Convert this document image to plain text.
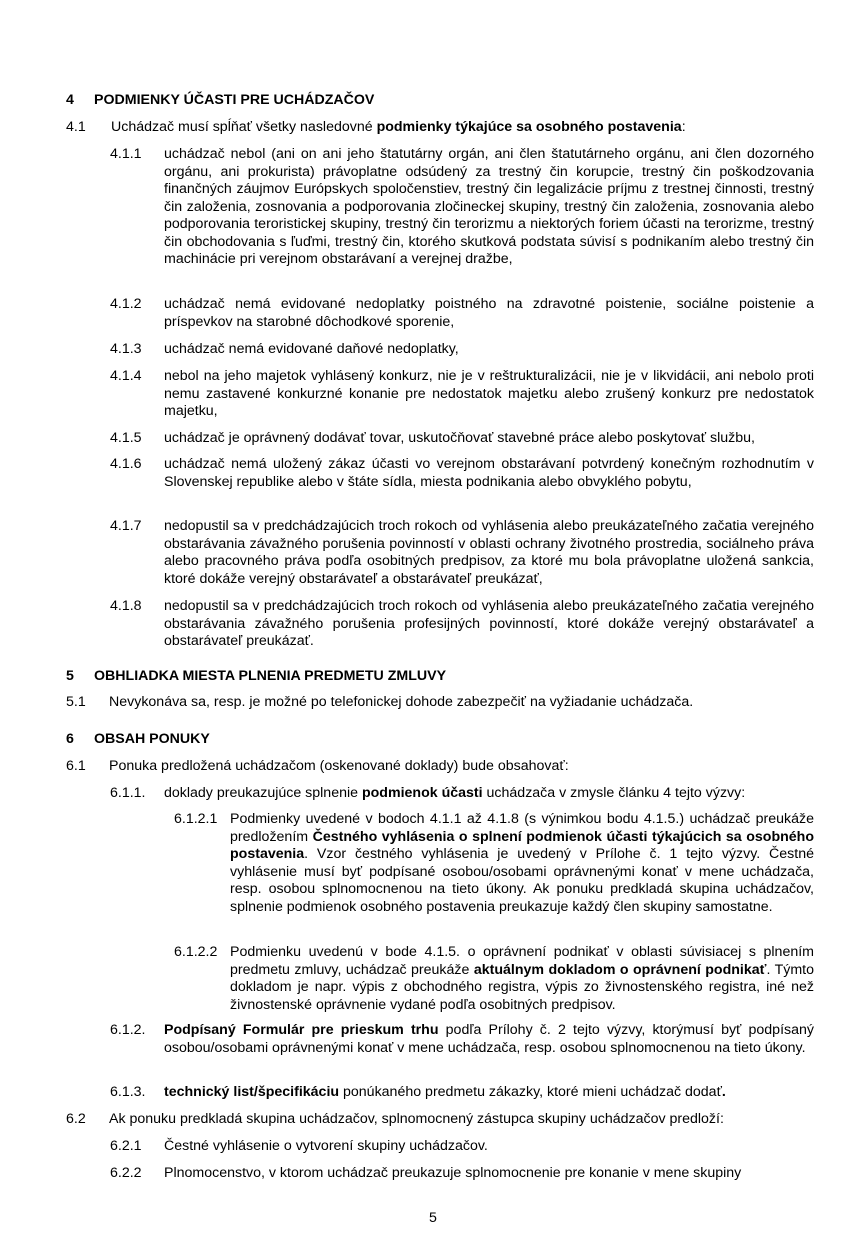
4 PODMIENKY ÚČASTI PRE UCHÁDZAČOV
4.1 Uchádzač musí spĺňať všetky nasledovné podmienky týkajúce sa osobného postavenia:
4.1.1 uchádzač nebol (ani on ani jeho štatutárny orgán, ani člen štatutárneho orgánu, ani člen dozorného orgánu, ani prokurista) právoplatne odsúdený za trestný čin korupcie, trestný čin poškodzovania finančných záujmov Európskych spoločenstiev, trestný čin legalizácie príjmu z trestnej činnosti, trestný čin založenia, zosnovania a podporovania zločineckej skupiny, trestný čin založenia, zosnovania alebo podporovania teroristickej skupiny, trestný čin terorizmu a niektorých foriem účasti na terorizme, trestný čin obchodovania s ľuďmi, trestný čin, ktorého skutková podstata súvisí s podnikaním alebo trestný čin machinácie pri verejnom obstarávaní a verejnej dražbe,
4.1.2 uchádzač nemá evidované nedoplatky poistného na zdravotné poistenie, sociálne poistenie a príspevkov na starobné dôchodkové sporenie,
4.1.3 uchádzač nemá evidované daňové nedoplatky,
4.1.4 nebol na jeho majetok vyhlásený konkurz, nie je v reštrukturalizácii, nie je v likvidácii, ani nebolo proti nemu zastavené konkurzné konanie pre nedostatok majetku alebo zrušený konkurz pre nedostatok majetku,
4.1.5 uchádzač je oprávnený dodávať tovar, uskutočňovať stavebné práce alebo poskytovať službu,
4.1.6 uchádzač nemá uložený zákaz účasti vo verejnom obstarávaní potvrdený konečným rozhodnutím v Slovenskej republike alebo v štáte sídla, miesta podnikania alebo obvyklého pobytu,
4.1.7 nedopustil sa v predchádzajúcich troch rokoch od vyhlásenia alebo preukázateľného začatia verejného obstarávania závažného porušenia povinností v oblasti ochrany životného prostredia, sociálneho práva alebo pracovného práva podľa osobitných predpisov, za ktoré mu bola právoplatne uložená sankcia, ktoré dokáže verejný obstarávateľ a obstarávateľ preukázať,
4.1.8 nedopustil sa v predchádzajúcich troch rokoch od vyhlásenia alebo preukázateľného začatia verejného obstarávania závažného porušenia profesijných povinností, ktoré dokáže verejný obstarávateľ a obstarávateľ preukázať.
5 OBHLIADKA MIESTA PLNENIA PREDMETU ZMLUVY
5.1 Nevykonáva sa, resp. je možné po telefonickej dohode zabezpečiť na vyžiadanie uchádzača.
6 OBSAH PONUKY
6.1 Ponuka predložená uchádzačom (oskenované doklady) bude obsahovať:
6.1.1. doklady preukazujúce splnenie podmienok účasti uchádzača v zmysle článku 4 tejto výzvy:
6.1.2.1 Podmienky uvedené v bodoch 4.1.1 až 4.1.8 (s výnimkou bodu 4.1.5.) uchádzač preukáže predložením Čestného vyhlásenia o splnení podmienok účasti týkajúcich sa osobného postavenia. Vzor čestného vyhlásenia je uvedený v Prílohe č. 1 tejto výzvy. Čestné vyhlásenie musí byť podpísané osobou/osobami oprávnenými konať v mene uchádzača, resp. osobou splnomocnenou na tieto úkony. Ak ponuku predkladá skupina uchádzačov, splnenie podmienok osobného postavenia preukazuje každý člen skupiny samostatne.
6.1.2.2 Podmienku uvedenú v bode 4.1.5. o oprávnení podnikať v oblasti súvisiacej s plnením predmetu zmluvy, uchádzač preukáže aktuálnym dokladom o oprávnení podnikať. Týmto dokladom je napr. výpis z obchodného registra, výpis zo živnostenského registra, iné než živnostenské oprávnenie vydané podľa osobitných predpisov.
6.1.2. Podpísaný Formulár pre prieskum trhu podľa Prílohy č. 2 tejto výzvy, ktorýmusí byť podpísaný osobou/osobami oprávnenými konať v mene uchádzača, resp. osobou splnomocnenou na tieto úkony.
6.1.3. technický list/špecifikáciu ponúkaného predmetu zákazky, ktoré mieni uchádzač dodať.
6.2 Ak ponuku predkladá skupina uchádzačov, splnomocnený zástupca skupiny uchádzačov predloží:
6.2.1 Čestné vyhlásenie o vytvorení skupiny uchádzačov.
6.2.2 Plnomocenstvo, v ktorom uchádzač preukazuje splnomocnenie pre konanie v mene skupiny
5
